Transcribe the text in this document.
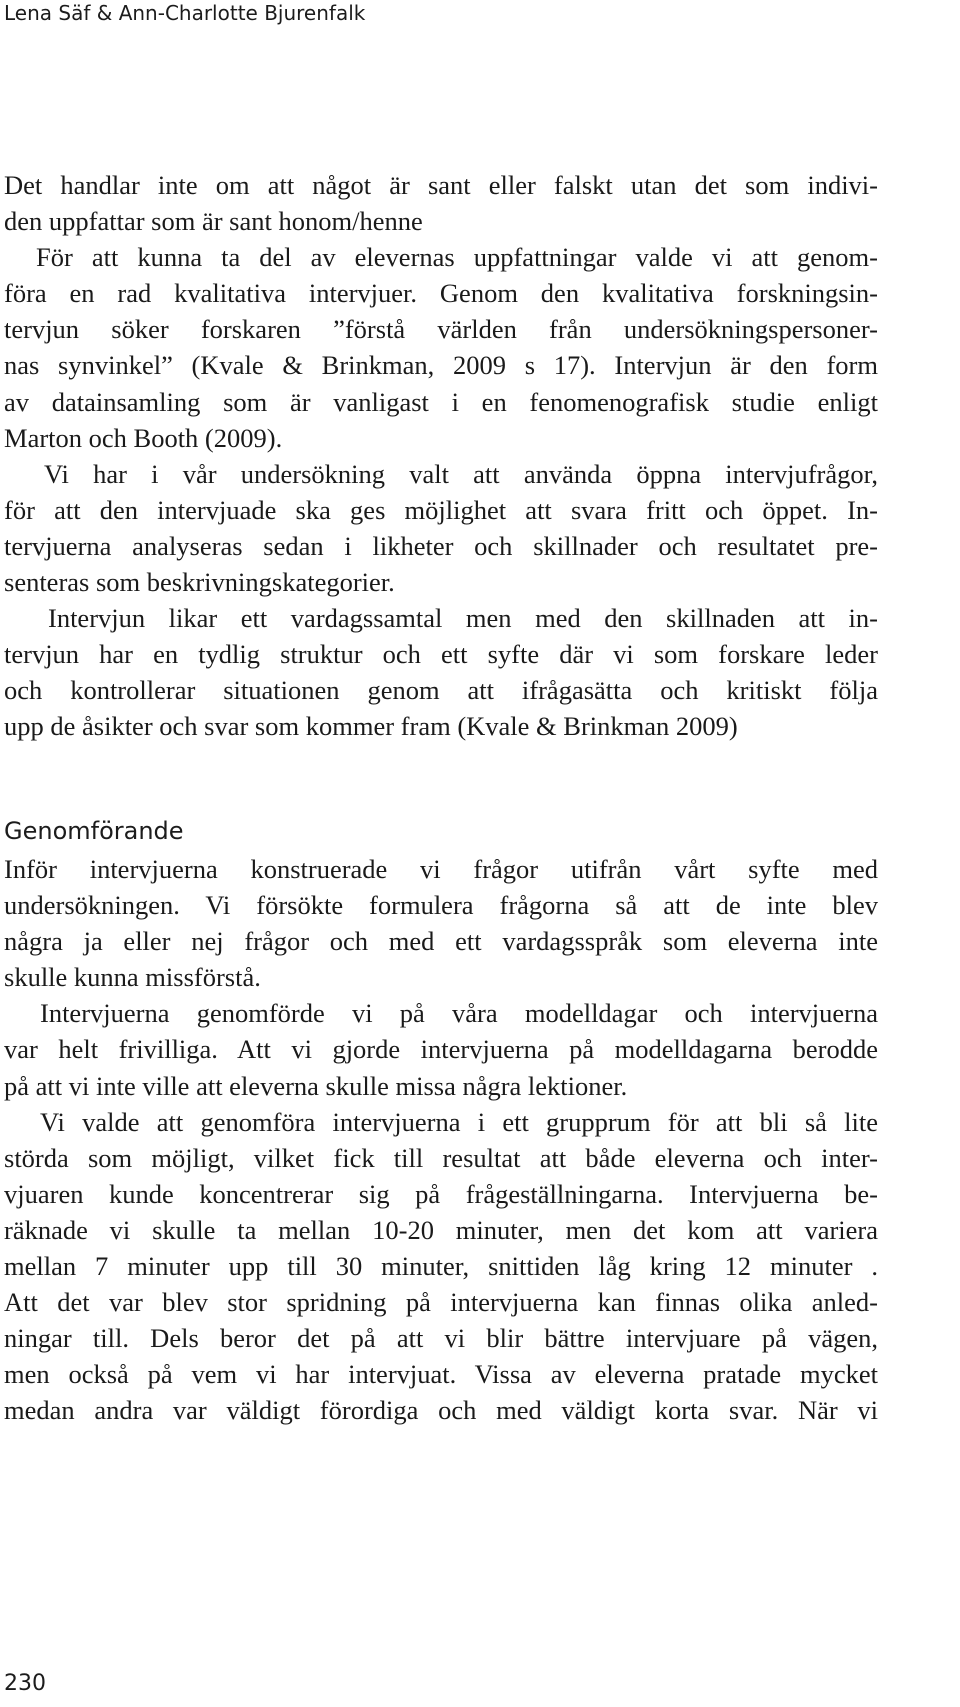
Lena Säf & Ann-Charlotte Bjurenfalk
Det handlar inte om att något är sant eller falskt utan det som indivi-
den uppfattar som är sant honom/henne
För att kunna ta del av elevernas uppfattningar valde vi att genom-
föra en rad kvalitativa intervjuer. Genom den kvalitativa forskningsin-
tervjun söker forskaren ”förstå världen från undersökningspersoner-
nas synvinkel” (Kvale & Brinkman, 2009 s 17). Intervjun är den form
av datainsamling som är vanligast i en fenomenografisk studie enligt
Marton och Booth (2009).
Vi har i vår undersökning valt att använda öppna intervjufrågor,
för att den intervjuade ska ges möjlighet att svara fritt och öppet. In-
tervjuerna analyseras sedan i likheter och skillnader och resultatet pre-
senteras som beskrivningskategorier.
Intervjun likar ett vardagssamtal men med den skillnaden att in-
tervjun har en tydlig struktur och ett syfte där vi som forskare leder
och kontrollerar situationen genom att ifrågasätta och kritiskt följa
upp de åsikter och svar som kommer fram (Kvale & Brinkman 2009)
Genomförande
Inför intervjuerna konstruerade vi frågor utifrån vårt syfte med
undersökningen. Vi försökte formulera frågorna så att de inte blev
några ja eller nej frågor och med ett vardagsspråk som eleverna inte
skulle kunna missförstå.
Intervjuerna genomförde vi på våra modelldagar och intervjuerna
var helt frivilliga. Att vi gjorde intervjuerna på modelldagarna berodde
på att vi inte ville att eleverna skulle missa några lektioner.
Vi valde att genomföra intervjuerna i ett grupprum för att bli så lite
störda som möjligt, vilket fick till resultat att både eleverna och inter-
vjuaren kunde koncentrerar sig på frågeställningarna. Intervjuerna be-
räknade vi skulle ta mellan 10-20 minuter, men det kom att variera
mellan 7 minuter upp till 30 minuter, snittiden låg kring 12 minuter .
Att det var blev stor spridning på intervjuerna kan finnas olika anled-
ningar till. Dels beror det på att vi blir bättre intervjuare på vägen,
men också på vem vi har intervjuat. Vissa av eleverna pratade mycket
medan andra var väldigt förordiga och med väldigt korta svar. När vi
230
